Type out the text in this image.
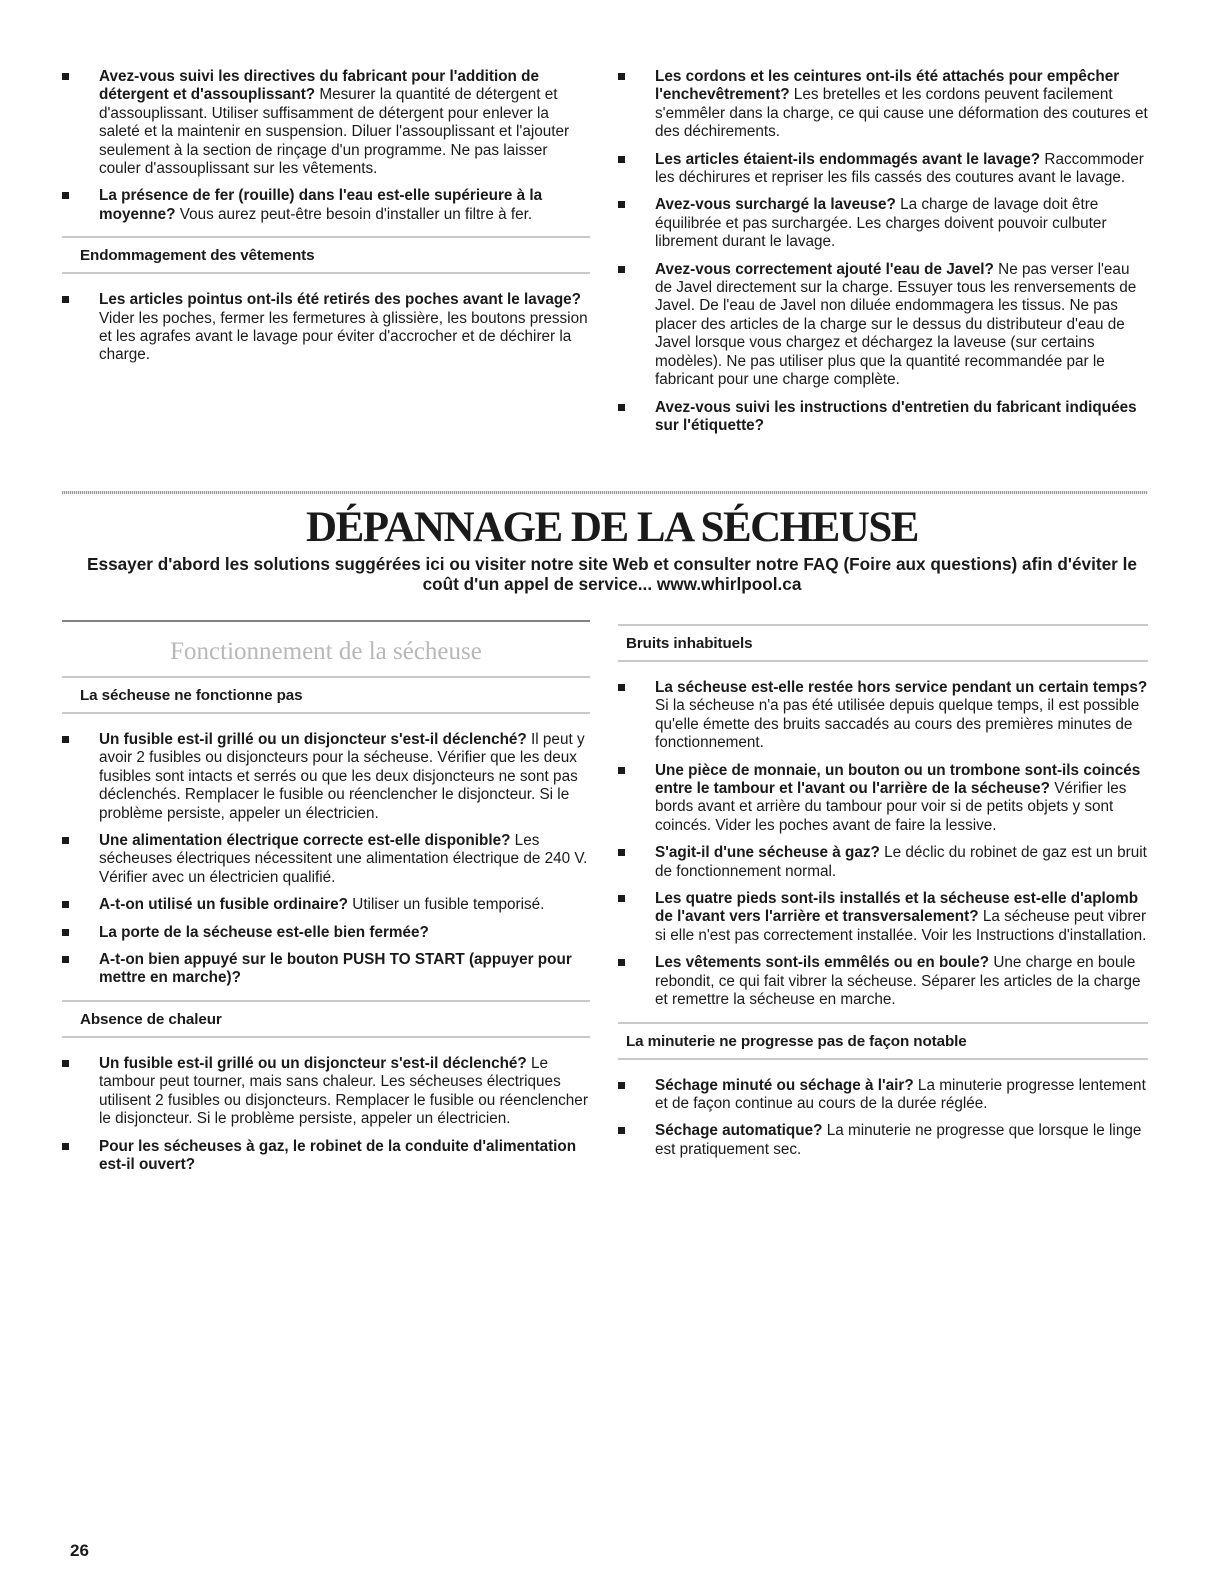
Avez-vous suivi les directives du fabricant pour l'addition de détergent et d'assouplissant? Mesurer la quantité de détergent et d'assouplissant. Utiliser suffisamment de détergent pour enlever la saleté et la maintenir en suspension. Diluer l'assouplissant et l'ajouter seulement à la section de rinçage d'un programme. Ne pas laisser couler d'assouplissant sur les vêtements.
La présence de fer (rouille) dans l'eau est-elle supérieure à la moyenne? Vous aurez peut-être besoin d'installer un filtre à fer.

Endommagement des vêtements

Les articles pointus ont-ils été retirés des poches avant le lavage? Vider les poches, fermer les fermetures à glissière, les boutons pression et les agrafes avant le lavage pour éviter d'accrocher et de déchirer la charge.
Les cordons et les ceintures ont-ils été attachés pour empêcher l'enchevêtrement? Les bretelles et les cordons peuvent facilement s'emmêler dans la charge, ce qui cause une déformation des coutures et des déchirements.
Les articles étaient-ils endommagés avant le lavage? Raccommoder les déchirures et repriser les fils cassés des coutures avant le lavage.
Avez-vous surchargé la laveuse? La charge de lavage doit être équilibrée et pas surchargée. Les charges doivent pouvoir culbuter librement durant le lavage.
Avez-vous correctement ajouté l'eau de Javel? Ne pas verser l'eau de Javel directement sur la charge. Essuyer tous les renversements de Javel. De l'eau de Javel non diluée endommagera les tissus. Ne pas placer des articles de la charge sur le dessus du distributeur d'eau de Javel lorsque vous chargez et déchargez la laveuse (sur certains modèles). Ne pas utiliser plus que la quantité recommandée par le fabricant pour une charge complète.
Avez-vous suivi les instructions d'entretien du fabricant indiquées sur l'étiquette?
DÉPANNAGE DE LA SÉCHEUSE

Essayer d'abord les solutions suggérées ici ou visiter notre site Web et consulter notre FAQ (Foire aux questions) afin d'éviter le coût d'un appel de service... www.whirlpool.ca

Fonctionnement de la sécheuse

La sécheuse ne fonctionne pas

Un fusible est-il grillé ou un disjoncteur s'est-il déclenché? Il peut y avoir 2 fusibles ou disjoncteurs pour la sécheuse. Vérifier que les deux fusibles sont intacts et serrés ou que les deux disjoncteurs ne sont pas déclenchés. Remplacer le fusible ou réenclencher le disjoncteur. Si le problème persiste, appeler un électricien.
Une alimentation électrique correcte est-elle disponible? Les sécheuses électriques nécessitent une alimentation électrique de 240 V. Vérifier avec un électricien qualifié.
A-t-on utilisé un fusible ordinaire? Utiliser un fusible temporisé.
La porte de la sécheuse est-elle bien fermée?
A-t-on bien appuyé sur le bouton PUSH TO START (appuyer pour mettre en marche)?

Absence de chaleur

Un fusible est-il grillé ou un disjoncteur s'est-il déclenché? Le tambour peut tourner, mais sans chaleur. Les sécheuses électriques utilisent 2 fusibles ou disjoncteurs. Remplacer le fusible ou réenclencher le disjoncteur. Si le problème persiste, appeler un électricien.
Pour les sécheuses à gaz, le robinet de la conduite d'alimentation est-il ouvert?

Bruits inhabituels

La sécheuse est-elle restée hors service pendant un certain temps? Si la sécheuse n'a pas été utilisée depuis quelque temps, il est possible qu'elle émette des bruits saccadés au cours des premières minutes de fonctionnement.
Une pièce de monnaie, un bouton ou un trombone sont-ils coincés entre le tambour et l'avant ou l'arrière de la sécheuse? Vérifier les bords avant et arrière du tambour pour voir si de petits objets y sont coincés. Vider les poches avant de faire la lessive.
S'agit-il d'une sécheuse à gaz? Le déclic du robinet de gaz est un bruit de fonctionnement normal.
Les quatre pieds sont-ils installés et la sécheuse est-elle d'aplomb de l'avant vers l'arrière et transversalement? La sécheuse peut vibrer si elle n'est pas correctement installée. Voir les Instructions d'installation.
Les vêtements sont-ils emmêlés ou en boule? Une charge en boule rebondit, ce qui fait vibrer la sécheuse. Séparer les articles de la charge et remettre la sécheuse en marche.

La minuterie ne progresse pas de façon notable

Séchage minuté ou séchage à l'air? La minuterie progresse lentement et de façon continue au cours de la durée réglée.
Séchage automatique? La minuterie ne progresse que lorsque le linge est pratiquement sec.

26
